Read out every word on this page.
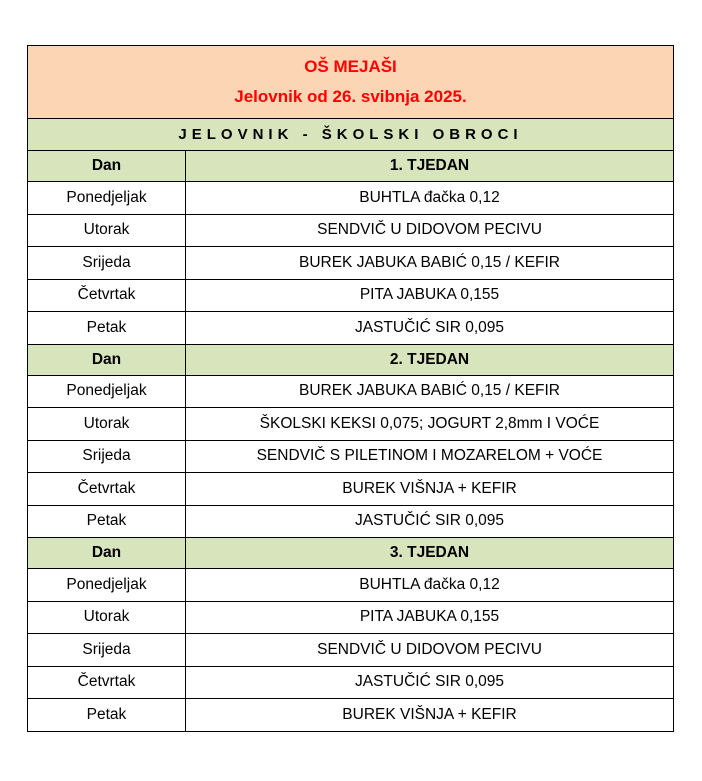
OŠ MEJAŠI
Jelovnik od 26. svibnja 2025.	
JELOVNIK - ŠKOLSKI OBROCI	
Dan	1. TJEDAN
Ponedjeljak	BUHTLA đačka 0,12
Utorak	SENDVIČ U DIDOVOM PECIVU
Srijeda	BUREK JABUKA BABIĆ 0,15 / KEFIR
Četvrtak	PITA JABUKA 0,155
Petak	JASTUČIĆ SIR 0,095
Dan	2. TJEDAN
Ponedjeljak	BUREK JABUKA BABIĆ 0,15 / KEFIR
Utorak	ŠKOLSKI KEKSI 0,075; JOGURT 2,8mm I VOĆE
Srijeda	SENDVIČ S PILETINOM I MOZARELOM + VOĆE
Četvrtak	BUREK VIŠNJA + KEFIR
Petak	JASTUČIĆ SIR 0,095
Dan	3. TJEDAN
Ponedjeljak	BUHTLA đačka 0,12
Utorak	PITA JABUKA 0,155
Srijeda	SENDVIČ U DIDOVOM PECIVU
Četvrtak	JASTUČIĆ SIR 0,095
Petak	BUREK VIŠNJA + KEFIR
